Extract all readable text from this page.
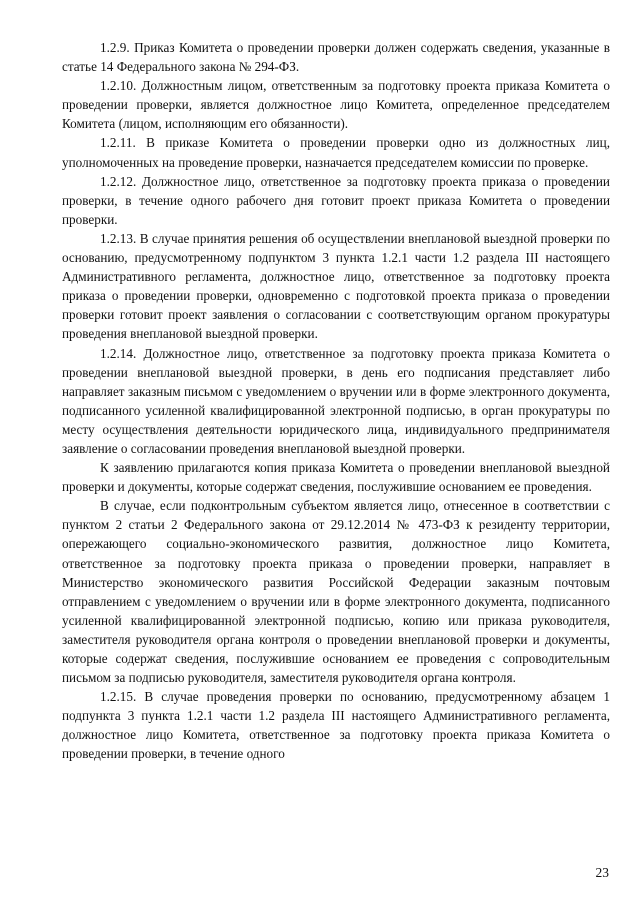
1.2.9. Приказ Комитета о проведении проверки должен содержать сведения, указанные в статье 14 Федерального закона № 294-ФЗ.

1.2.10. Должностным лицом, ответственным за подготовку проекта приказа Комитета о проведении проверки, является должностное лицо Комитета, определенное председателем Комитета (лицом, исполняющим его обязанности).

1.2.11. В приказе Комитета о проведении проверки одно из должностных лиц, уполномоченных на проведение проверки, назначается председателем комиссии по проверке.

1.2.12. Должностное лицо, ответственное за подготовку проекта приказа о проведении проверки, в течение одного рабочего дня готовит проект приказа Комитета о проведении проверки.

1.2.13. В случае принятия решения об осуществлении внеплановой выездной проверки по основанию, предусмотренному подпунктом 3 пункта 1.2.1 части 1.2 раздела III настоящего Административного регламента, должностное лицо, ответственное за подготовку проекта приказа о проведении проверки, одновременно с подготовкой проекта приказа о проведении проверки готовит проект заявления о согласовании с соответствующим органом прокуратуры проведения внеплановой выездной проверки.

1.2.14. Должностное лицо, ответственное за подготовку проекта приказа Комитета о проведении внеплановой выездной проверки, в день его подписания представляет либо направляет заказным письмом с уведомлением о вручении или в форме электронного документа, подписанного усиленной квалифицированной электронной подписью, в орган прокуратуры по месту осуществления деятельности юридического лица, индивидуального предпринимателя заявление о согласовании проведения внеплановой выездной проверки.

К заявлению прилагаются копия приказа Комитета о проведении внеплановой выездной проверки и документы, которые содержат сведения, послужившие основанием ее проведения.

В случае, если подконтрольным субъектом является лицо, отнесенное в соответствии с пунктом 2 статьи 2 Федерального закона от 29.12.2014 № 473-ФЗ к резиденту территории, опережающего социально-экономического развития, должностное лицо Комитета, ответственное за подготовку проекта приказа о проведении проверки, направляет в Министерство экономического развития Российской Федерации заказным почтовым отправлением с уведомлением о вручении или в форме электронного документа, подписанного усиленной квалифицированной электронной подписью, копию или приказа руководителя, заместителя руководителя органа контроля о проведении внеплановой проверки и документы, которые содержат сведения, послужившие основанием ее проведения с сопроводительным письмом за подписью руководителя, заместителя руководителя органа контроля.

1.2.15. В случае проведения проверки по основанию, предусмотренному абзацем 1 подпункта 3 пункта 1.2.1 части 1.2 раздела III настоящего Административного регламента, должностное лицо Комитета, ответственное за подготовку проекта приказа Комитета о проведении проверки, в течение одного

23
